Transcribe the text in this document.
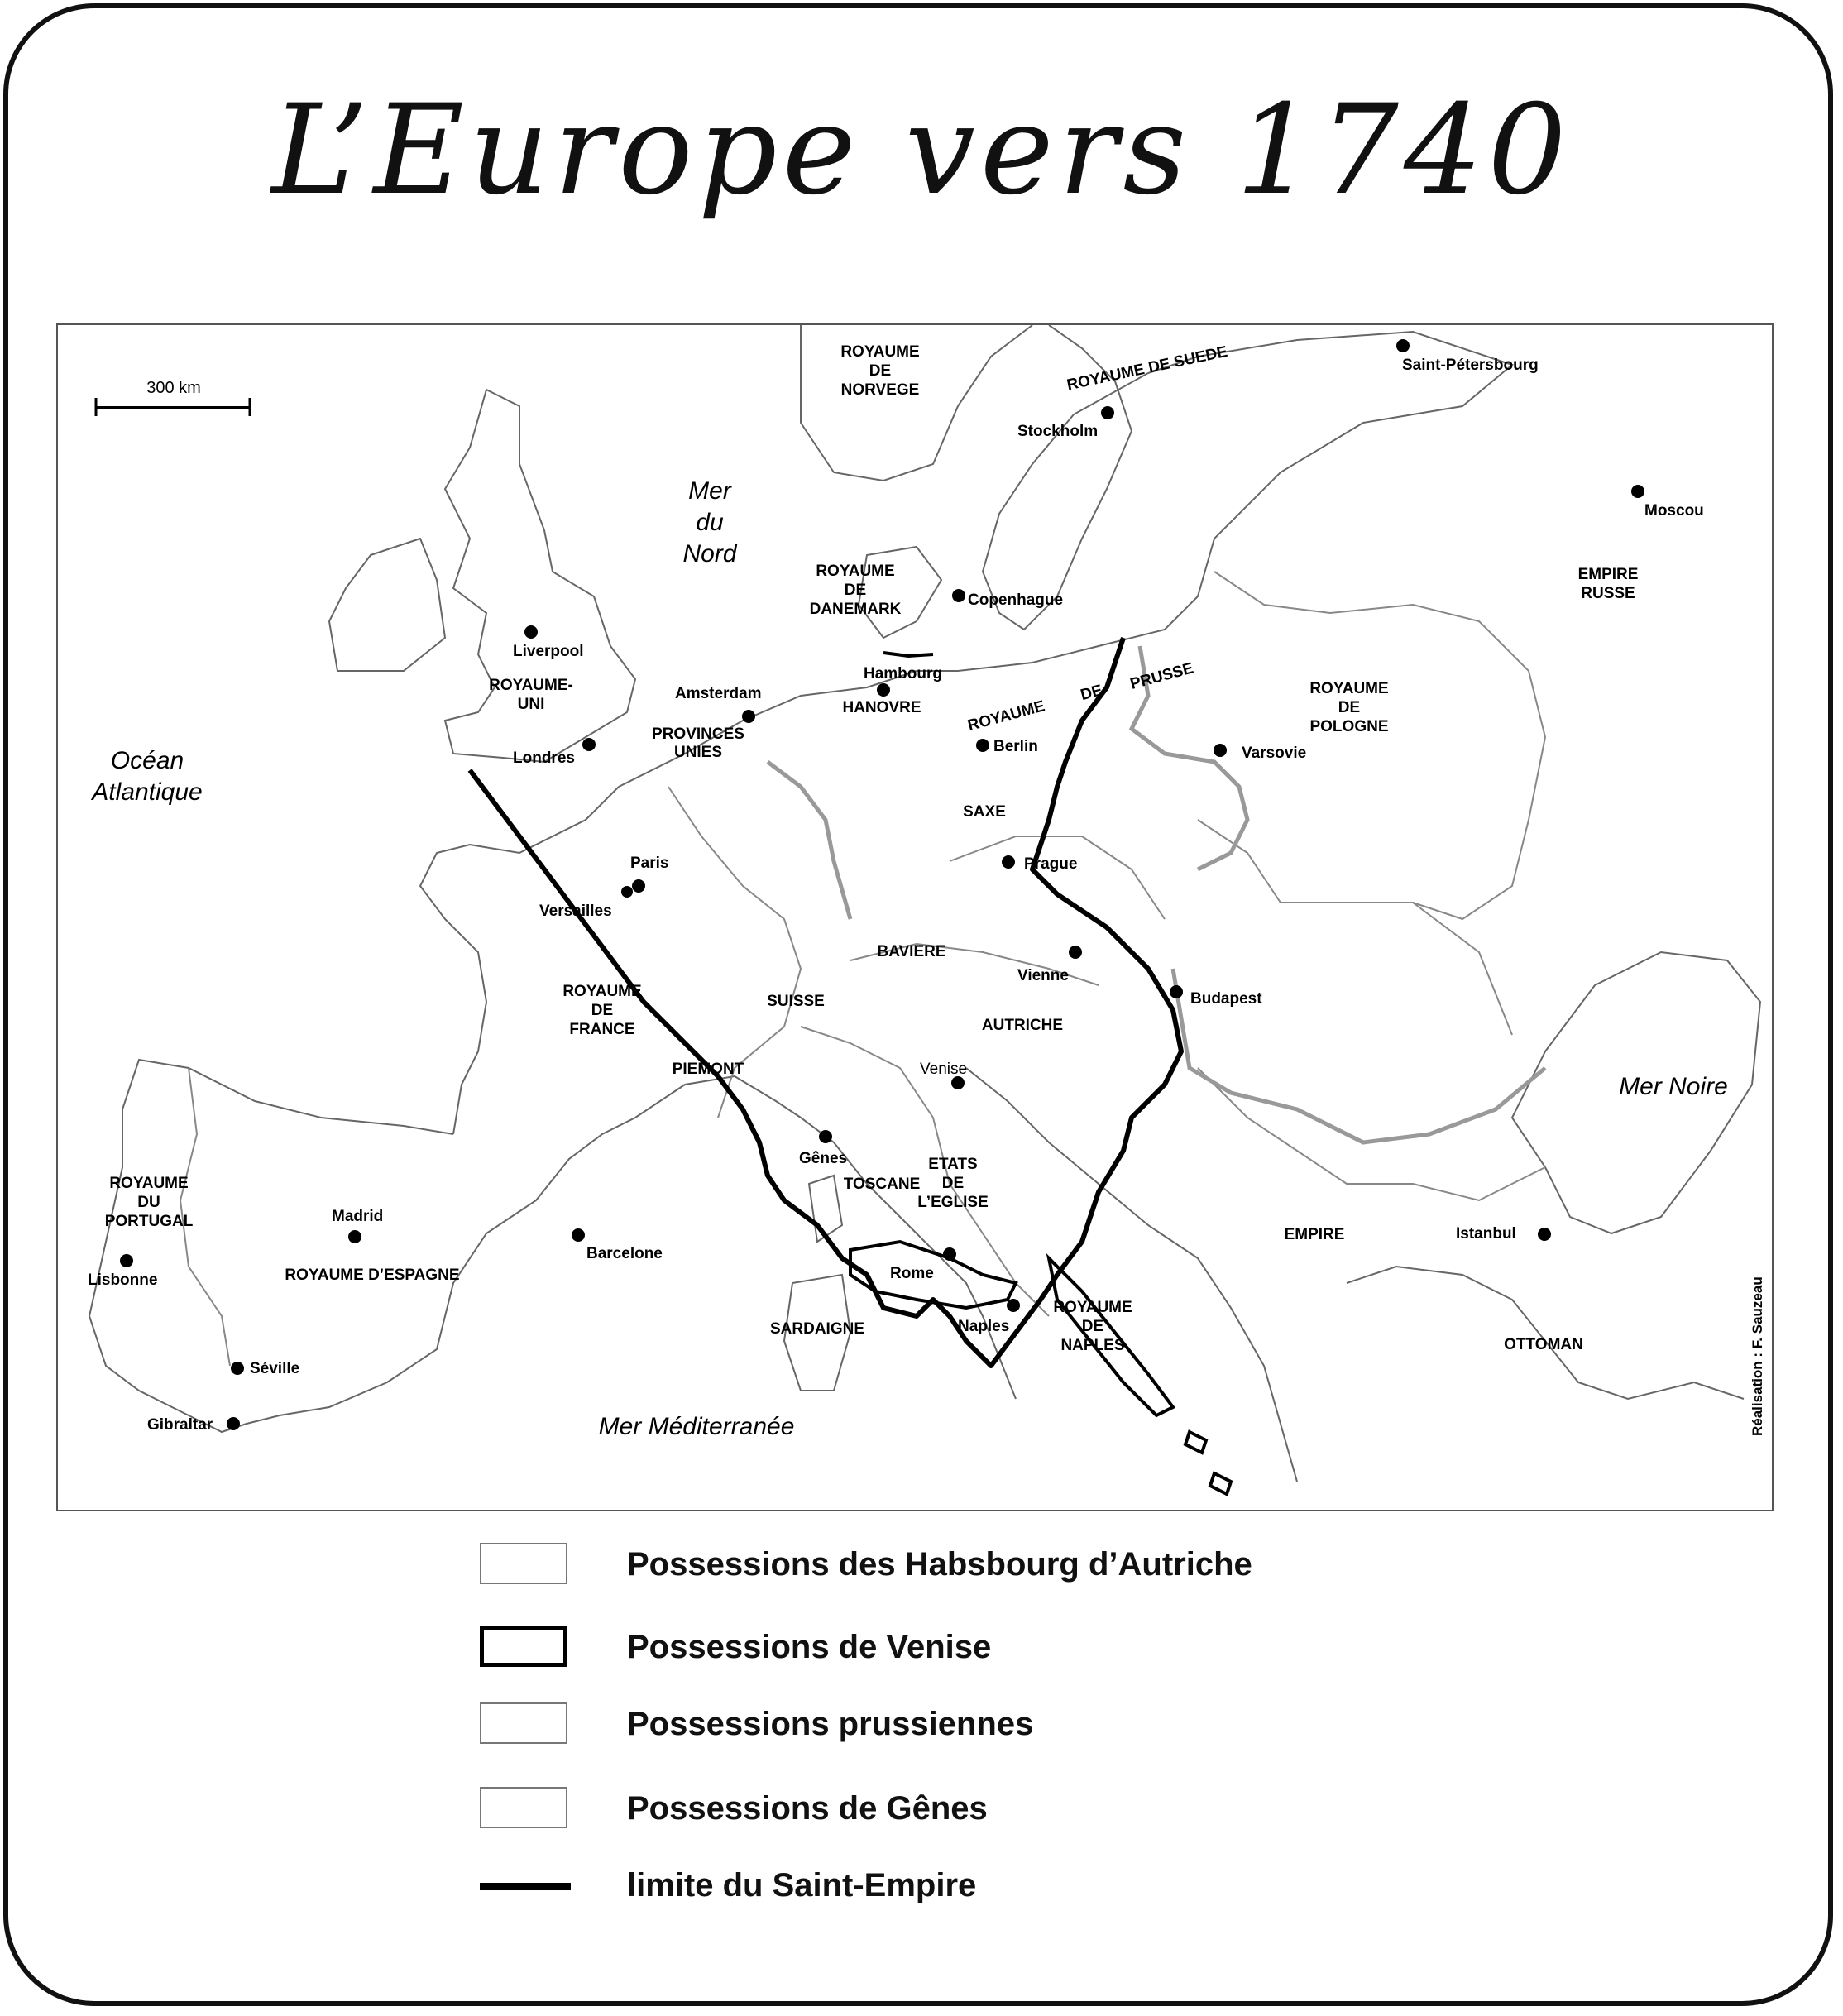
L’Europe vers 1740
300 km
Mer
du
Nord
Océan
Atlantique
Mer Noire
Mer Méditerranée
ROYAUME
DE
NORVEGE	ROYAUME DE SUEDE
ROYAUME
DE
DANEMARK
ROYAUME-
UNI
PROVINCES
UNIES
HANOVRE	ROYAUME
DE PRUSSE	ROYAUME
DE
POLOGNE
EMPIRE
RUSSE
SAXE
BAVIERE
AUTRICHE
SUISSE
PIEMONT
ROYAUME
DE
FRANCE
ROYAUME
DU
PORTUGAL
ROYAUME D’ESPAGNE
TOSCANE
ETATS
DE
L’EGLISE
ROYAUME
DE
NAPLES
SARDAIGNE
EMPIRE
OTTOMAN
Saint-Pétersbourg
Stockholm
Moscou
Copenhague
Hambourg
Liverpool
Amsterdam
Londres
Berlin	Varsovie
Paris
Versailles
Prague
Vienne
Budapest
Venise
Gênes
Madrid
Lisbonne
Barcelone
Rome
Naples
Istanbul
Séville
Gibraltar	Réalisation : F. Sauzeau
Possessions des Habsbourg d’Autriche
Possessions de Venise
Possessions prussiennes
Possessions de Gênes
limite du Saint-Empire
